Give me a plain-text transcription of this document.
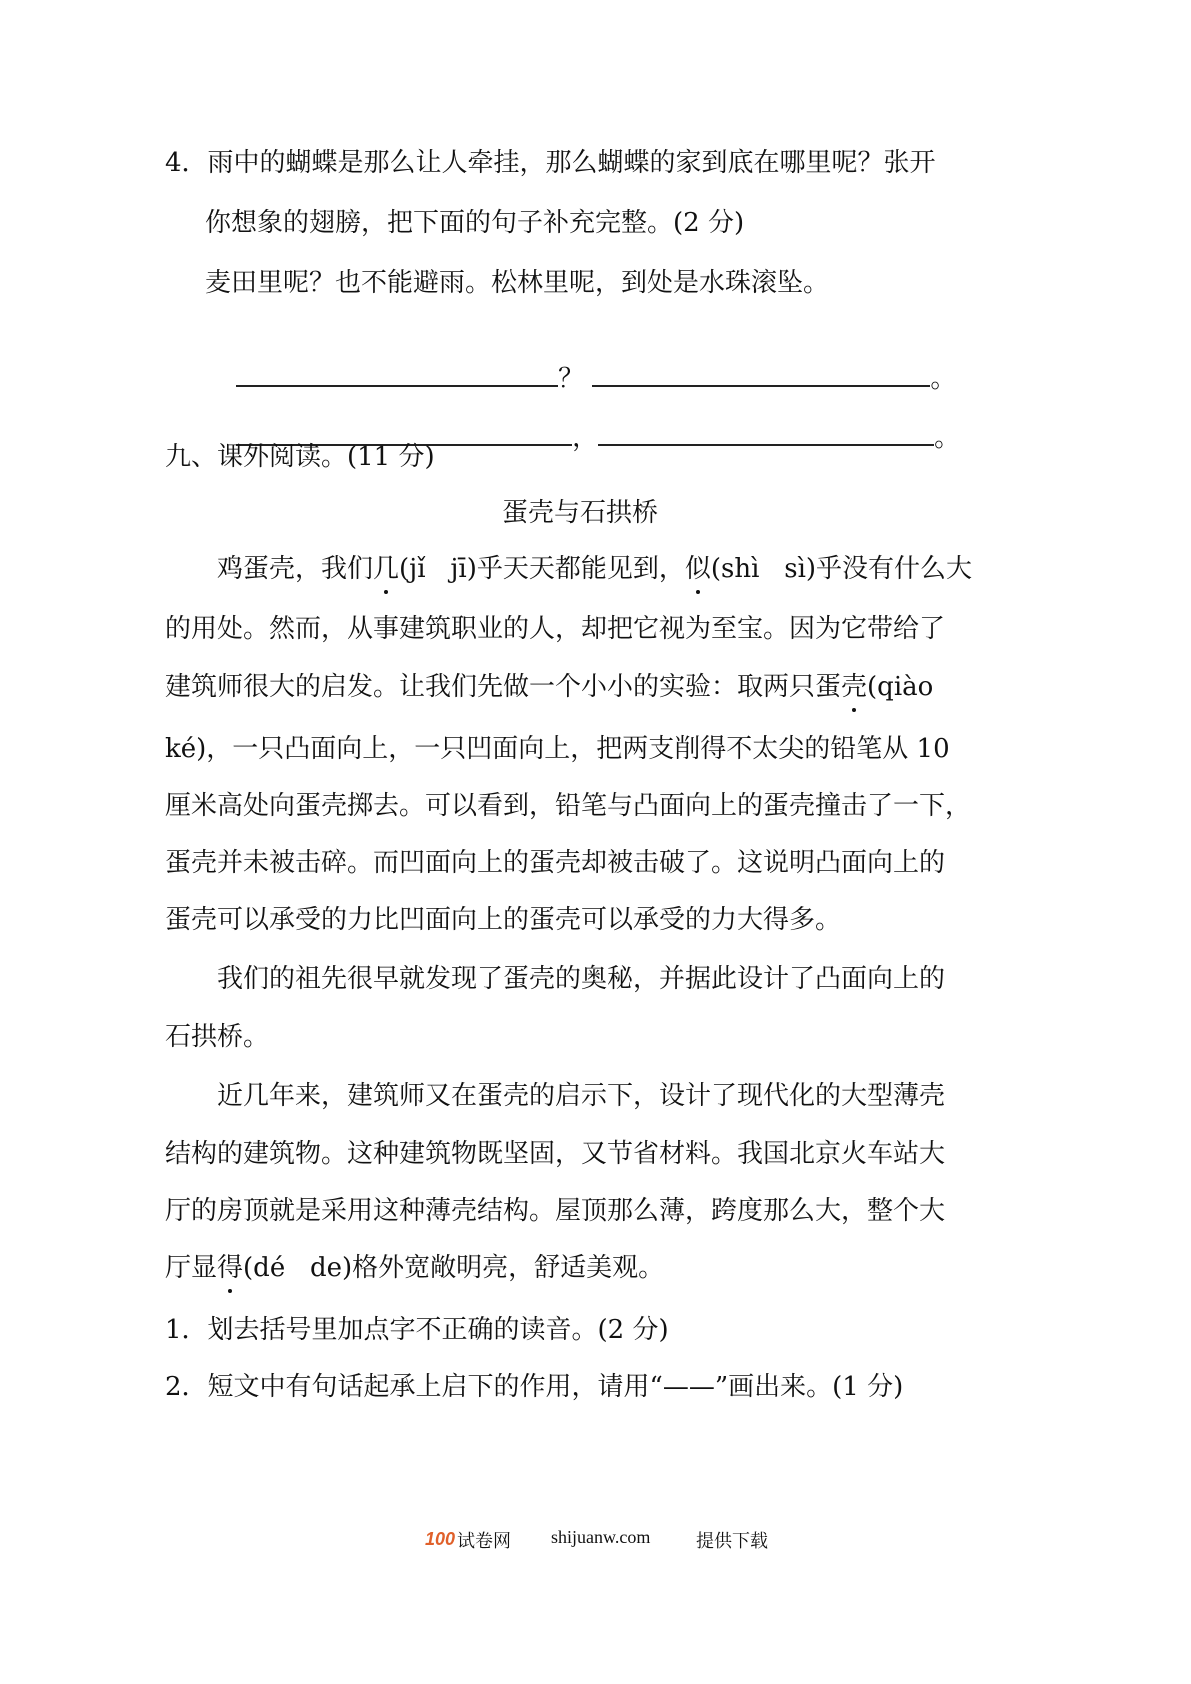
4．雨中的蝴蝶是那么让人牵挂，那么蝴蝶的家到底在哪里呢？张开
你想象的翅膀，把下面的句子补充完整。(2 分)
麦田里呢？也不能避雨。松林里呢，到处是水珠滚坠。

？	。

，	。

九、课外阅读。(11 分)
蛋壳与石拱桥
鸡蛋壳，我们几(jǐ   jī)乎天天都能见到，似(shì   sì)乎没有什么大
的用处。然而，从事建筑职业的人，却把它视为至宝。因为它带给了
建筑师很大的启发。让我们先做一个小小的实验：取两只蛋壳(qiào
ké)，一只凸面向上，一只凹面向上，把两支削得不太尖的铅笔从 10
厘米高处向蛋壳掷去。可以看到，铅笔与凸面向上的蛋壳撞击了一下，
蛋壳并未被击碎。而凹面向上的蛋壳却被击破了。这说明凸面向上的
蛋壳可以承受的力比凹面向上的蛋壳可以承受的力大得多。
我们的祖先很早就发现了蛋壳的奥秘，并据此设计了凸面向上的
石拱桥。
近几年来，建筑师又在蛋壳的启示下，设计了现代化的大型薄壳
结构的建筑物。这种建筑物既坚固，又节省材料。我国北京火车站大
厅的房顶就是采用这种薄壳结构。屋顶那么薄，跨度那么大，整个大
厅显得(dé   de)格外宽敞明亮，舒适美观。
1．划去括号里加点字不正确的读音。(2 分)
2．短文中有句话起承上启下的作用，请用“——”画出来。(1 分)
100 试卷网 shijuanw.com	提供下载
